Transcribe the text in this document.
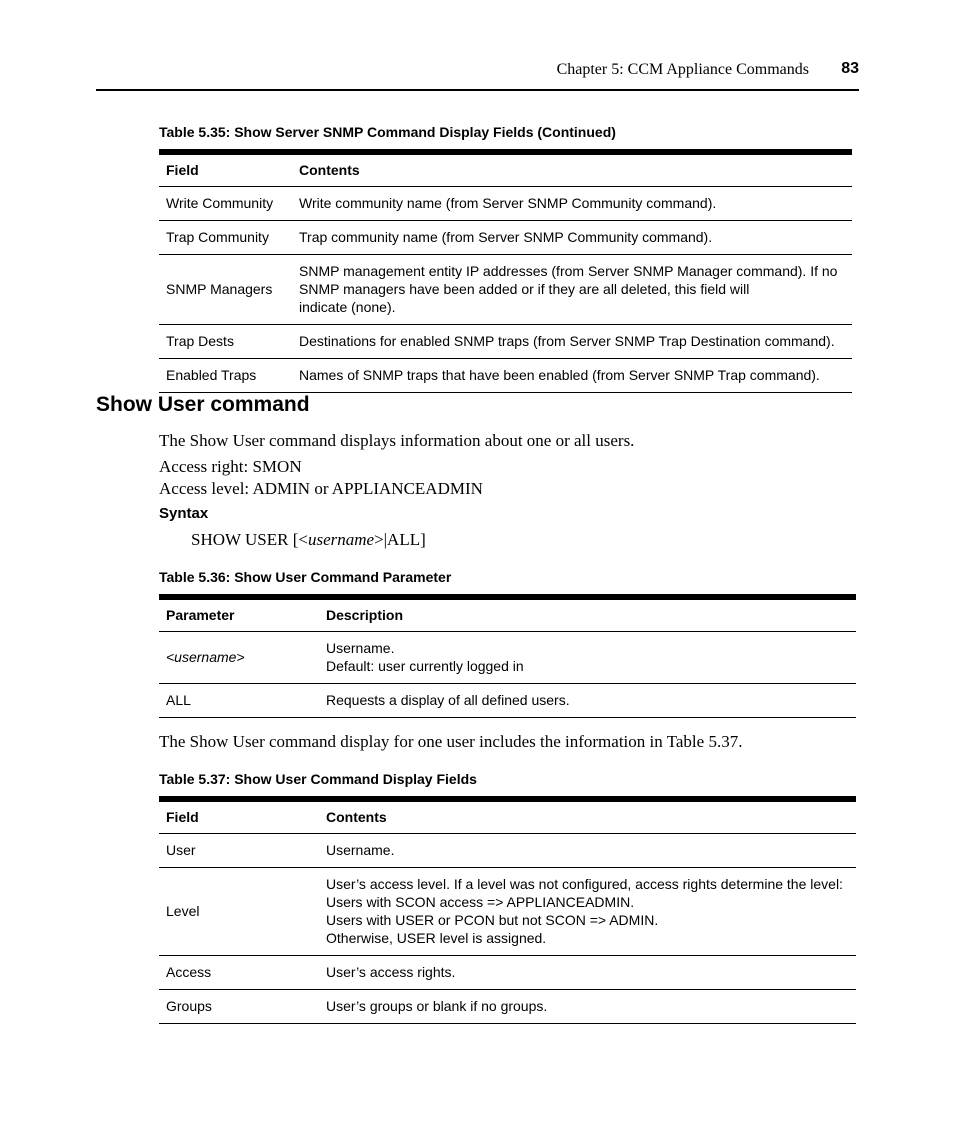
Chapter 5: CCM Appliance Commands 83
Table 5.35: Show Server SNMP Command Display Fields (Continued)
Field	Contents
Write Community	Write community name (from Server SNMP Community command).

Trap Community	Trap community name (from Server SNMP Community command).

SNMP Managers	SNMP management entity IP addresses (from Server SNMP Manager command). If no
SNMP managers have been added or if they are all deleted, this field will
indicate (none).

Trap Dests	Destinations for enabled SNMP traps (from Server SNMP Trap Destination command).

Enabled Traps	Names of SNMP traps that have been enabled (from Server SNMP Trap command).
Show User command
The Show User command displays information about one or all users.
Access right: SMON
Access level: ADMIN or APPLIANCEADMIN
Syntax
SHOW USER [<username>|ALL]
Table 5.36: Show User Command Parameter
Parameter	Description
<username>	Username.
Default: user currently logged in

ALL	Requests a display of all defined users.
The Show User command display for one user includes the information in Table 5.37.
Table 5.37: Show User Command Display Fields
Field	Contents
User	Username.

Level	User’s access level. If a level was not configured, access rights determine the level:
Users with SCON access => APPLIANCEADMIN.
Users with USER or PCON but not SCON => ADMIN.
Otherwise, USER level is assigned.

Access	User’s access rights.

Groups	User’s groups or blank if no groups.
